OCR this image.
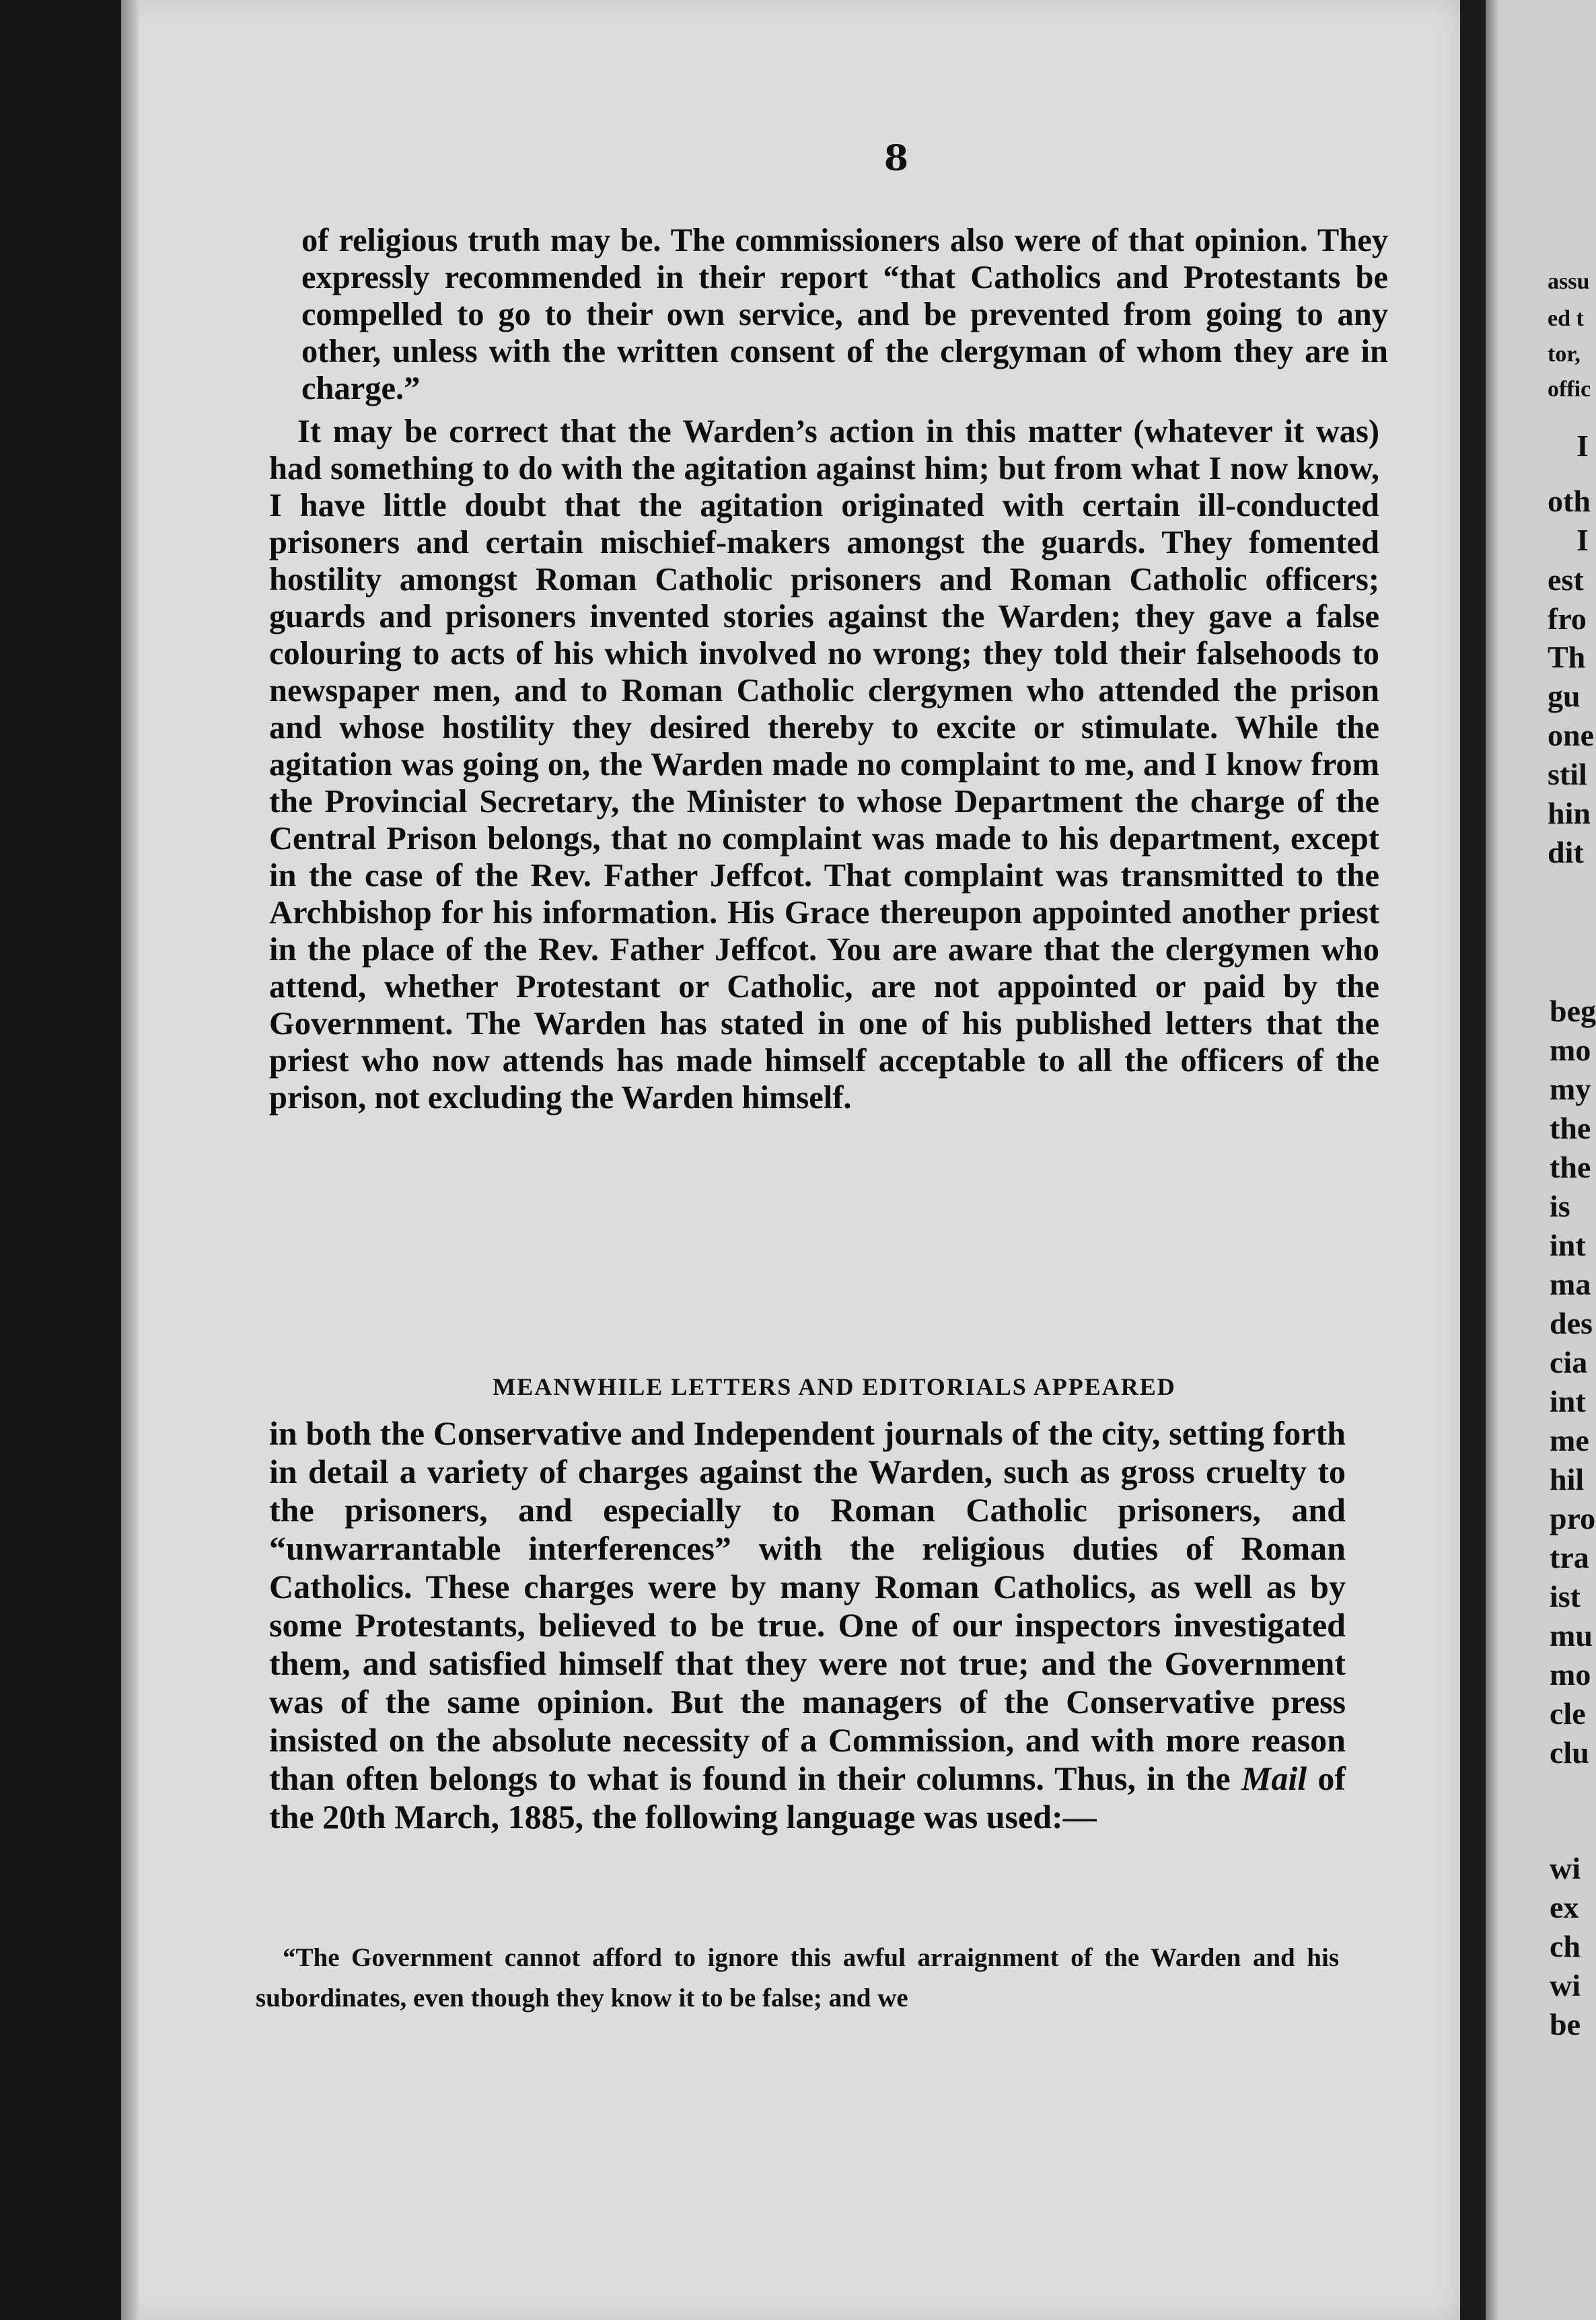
8

of religious truth may be. The commissioners also were of that opinion. They expressly recommended in their report “that Catholics and Protestants be compelled to go to their own service, and be prevented from going to any other, unless with the written consent of the clergyman of whom they are in charge.”

It may be correct that the Warden’s action in this matter (whatever it was) had something to do with the agitation against him; but from what I now know, I have little doubt that the agitation originated with certain ill-conducted prisoners and certain mischief-makers amongst the guards. They fomented hostility amongst Roman Catholic prisoners and Roman Catholic officers; guards and prisoners invented stories against the Warden; they gave a false colouring to acts of his which involved no wrong; they told their falsehoods to newspaper men, and to Roman Catholic clergymen who attended the prison and whose hostility they desired thereby to excite or stimulate. While the agitation was going on, the Warden made no complaint to me, and I know from the Provincial Secretary, the Minister to whose Department the charge of the Central Prison belongs, that no complaint was made to his department, except in the case of the Rev. Father Jeffcot. That complaint was transmitted to the Archbishop for his information. His Grace thereupon appointed another priest in the place of the Rev. Father Jeffcot. You are aware that the clergymen who attend, whether Protestant or Catholic, are not appointed or paid by the Government. The Warden has stated in one of his published letters that the priest who now attends has made himself acceptable to all the officers of the prison, not excluding the Warden himself.

MEANWHILE LETTERS AND EDITORIALS APPEARED

in both the Conservative and Independent journals of the city, setting forth in detail a variety of charges against the Warden, such as gross cruelty to the prisoners, and especially to Roman Catholic prisoners, and “unwarrantable interferences” with the religious duties of Roman Catholics. These charges were by many Roman Catholics, as well as by some Protestants, believed to be true. One of our inspectors investigated them, and satisfied himself that they were not true; and the Government was of the same opinion. But the managers of the Conservative press insisted on the absolute necessity of a Commission, and with more reason than often belongs to what is found in their columns. Thus, in the Mail of the 20th March, 1885, the following language was used:—

“The Government cannot afford to ignore this awful arraignment of the Warden and his subordinates, even though they know it to be false; and we
assu
ed t
tor,
offic
I
oth
I
est
fro
Th
gu
one
stil
hin
dit
beg
mo
my
the
the
is
int
ma
des
cia
int
me
hil
pro
tra
ist
mu
mo
cle
clu
wi
ex
ch
wi
be
